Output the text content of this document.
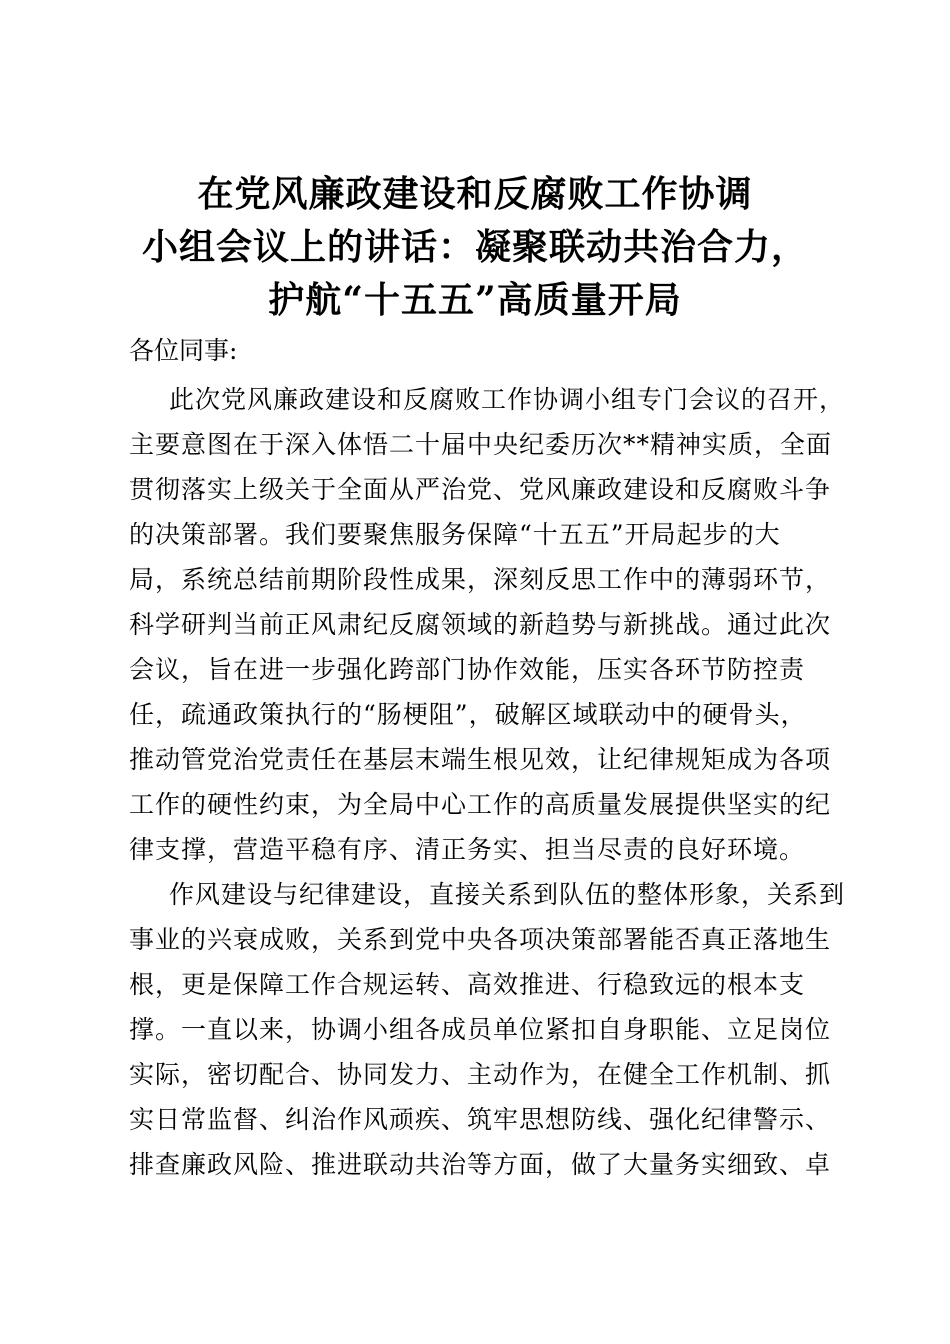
在党风廉政建设和反腐败工作协调
小组会议上的讲话：凝聚联动共治合力，
护航“十五五”高质量开局
各位同事:
此次党风廉政建设和反腐败工作协调小组专门会议的召开，
主要意图在于深入体悟二十届中央纪委历次**精神实质，全面
贯彻落实上级关于全面从严治党、党风廉政建设和反腐败斗争
的决策部署。我们要聚焦服务保障“十五五”开局起步的大
局，系统总结前期阶段性成果，深刻反思工作中的薄弱环节，
科学研判当前正风肃纪反腐领域的新趋势与新挑战。通过此次
会议，旨在进一步强化跨部门协作效能，压实各环节防控责
任，疏通政策执行的“肠梗阻”，破解区域联动中的硬骨头，
推动管党治党责任在基层末端生根见效，让纪律规矩成为各项
工作的硬性约束，为全局中心工作的高质量发展提供坚实的纪
律支撑，营造平稳有序、清正务实、担当尽责的良好环境。
作风建设与纪律建设，直接关系到队伍的整体形象，关系到
事业的兴衰成败，关系到党中央各项决策部署能否真正落地生
根，更是保障工作合规运转、高效推进、行稳致远的根本支
撑。一直以来，协调小组各成员单位紧扣自身职能、立足岗位
实际，密切配合、协同发力、主动作为，在健全工作机制、抓
实日常监督、纠治作风顽疾、筑牢思想防线、强化纪律警示、
排查廉政风险、推进联动共治等方面，做了大量务实细致、卓
